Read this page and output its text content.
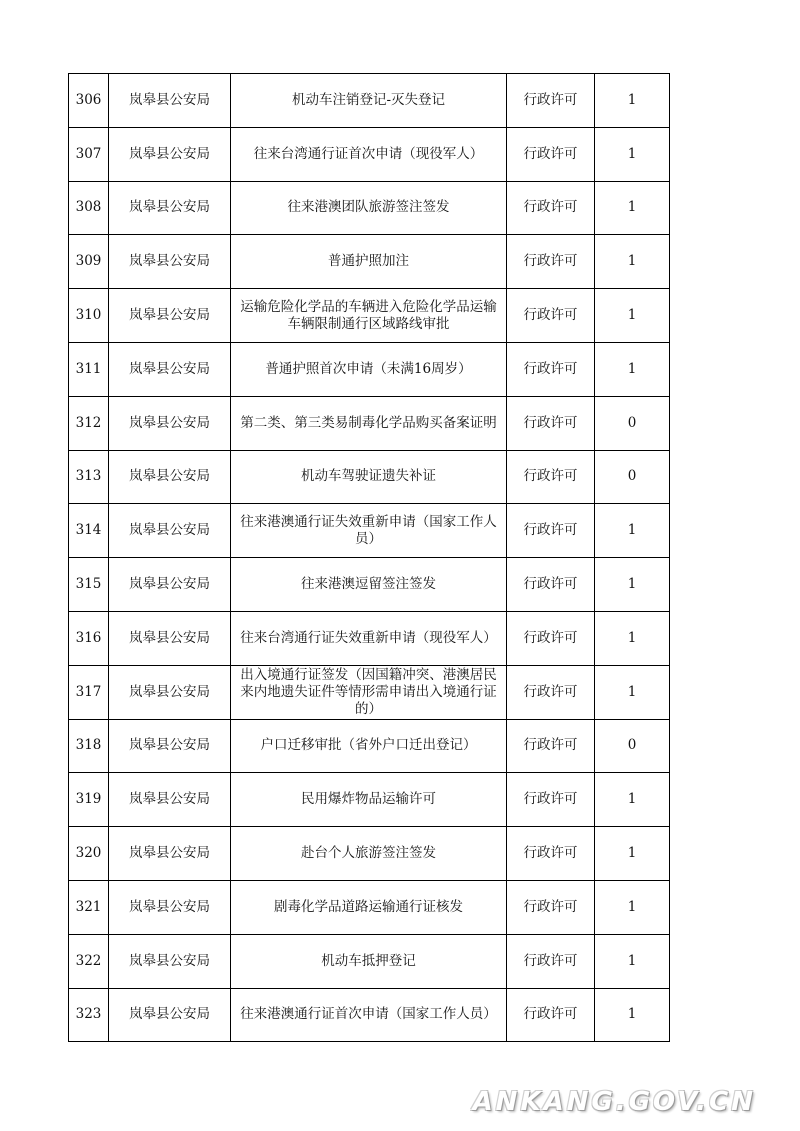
306	岚皋县公安局	机动车注销登记-灭失登记	行政许可	1
307	岚皋县公安局	往来台湾通行证首次申请（现役军人）	行政许可	1
308	岚皋县公安局	往来港澳团队旅游签注签发	行政许可	1
309	岚皋县公安局	普通护照加注	行政许可	1
310	岚皋县公安局	运输危险化学品的车辆进入危险化学品运输车辆限制通行区域路线审批	行政许可	1
311	岚皋县公安局	普通护照首次申请（未满16周岁）	行政许可	1
312	岚皋县公安局	第二类、第三类易制毒化学品购买备案证明	行政许可	0
313	岚皋县公安局	机动车驾驶证遗失补证	行政许可	0
314	岚皋县公安局	往来港澳通行证失效重新申请（国家工作人员）	行政许可	1
315	岚皋县公安局	往来港澳逗留签注签发	行政许可	1
316	岚皋县公安局	往来台湾通行证失效重新申请（现役军人）	行政许可	1
317	岚皋县公安局	出入境通行证签发（因国籍冲突、港澳居民来内地遗失证件等情形需申请出入境通行证的）	行政许可	1
318	岚皋县公安局	户口迁移审批（省外户口迁出登记）	行政许可	0
319	岚皋县公安局	民用爆炸物品运输许可	行政许可	1
320	岚皋县公安局	赴台个人旅游签注签发	行政许可	1
321	岚皋县公安局	剧毒化学品道路运输通行证核发	行政许可	1
322	岚皋县公安局	机动车抵押登记	行政许可	1
323	岚皋县公安局	往来港澳通行证首次申请（国家工作人员）	行政许可	1
ANKANG.GOV.CN
